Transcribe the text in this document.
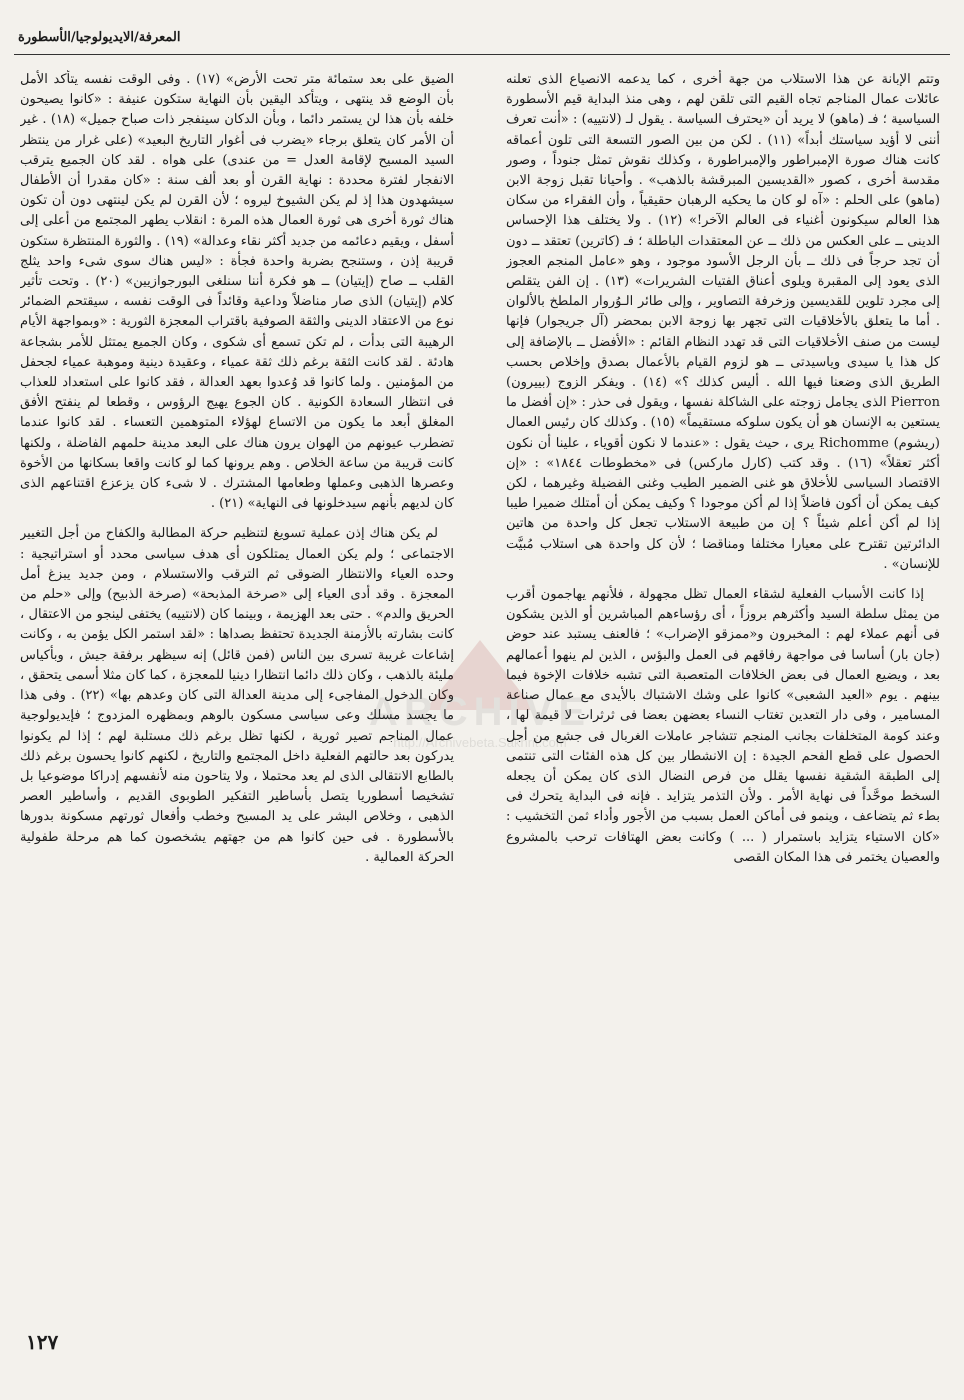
المعرفة/الايديولوجيا/الأسطورة

وتتم الإبانة عن هذا الاستلاب من جهة أخرى ، كما يدعمه الانصياع الذى تعلنه عائلات عمال المناجم تجاه القيم التى تلقن لهم ، وهى منذ البداية قيم الأسطورة السياسية ؛ فـ (ماهو) لا يريد أن «يحترف السياسة . يقول لـ (لانتييه) : «أنت تعرف أننى لا أؤيد سياستك أبداً» (١١) . لكن من بين الصور التسعة التى تلون أعماقه كانت هناك صورة الإمبراطور والإمبراطورة ، وكذلك نقوش تمثل جنوداً ، وصور مقدسة أخرى ، كصور «القديسين المبرقشة بالذهب» . وأحيانا تقبل زوجة الابن (ماهو) على الحلم : «آه لو كان ما يحكيه الرهبان حقيقياً ، وأن الفقراء من سكان هذا العالم سيكونون أغنياء فى العالم الآخر!» (١٢) . ولا يختلف هذا الإحساس الدينى ــ على العكس من ذلك ــ عن المعتقدات الباطلة ؛ فـ (كاترين) تعتقد ــ دون أن تجد حرجاً فى ذلك ــ بأن الرجل الأسود موجود ، وهو «عامل المنجم العجوز الذى يعود إلى المقبرة ويلوى أعناق الفتيات الشريرات» (١٣) . إن الفن يتقلص إلى مجرد تلوين للقديسين وزخرفة التصاوير ، وإلى طائر الـوُروار الملطخ بالألوان . أما ما يتعلق بالأخلاقيات التى تجهر بها زوجة الابن بمحضر (آل جريجوار) فإنها ليست من صنف الأخلاقيات التى قد تهدد النظام القائم : «الأفضل ــ بالإضافة إلى كل هذا يا سيدى وياسيدتى ــ هو لزوم القيام بالأعمال بصدق وإخلاص بحسب الطريق الذى وضعنا فيها الله . أليس كذلك ؟» (١٤) . ويفكر الزوج (بييرون) Pierron الذى يجامل زوجته على الشاكلة نفسها ، ويقول فى حذر : «إن أفضل ما يستعين به الإنسان هو أن يكون سلوكه مستقيماً» (١٥) . وكذلك كان رئيس العمال (ريشوم) Richomme يرى ، حيث يقول : «عندما لا نكون أقوياء ، علينا أن نكون أكثر تعقلاً» (١٦) . وقد كتب (كارل ماركس) فى «مخطوطات ١٨٤٤» : «إن الاقتصاد السياسى للأخلاق هو غنى الضمير الطيب وغنى الفضيلة وغيرهما ، لكن كيف يمكن أن أكون فاضلاً إذا لم أكن موجودا ؟ وكيف يمكن أن أمتلك ضميرا طيبا إذا لم أكن أعلم شيئاً ؟ إن من طبيعة الاستلاب تجعل كل واحدة من هاتين الدائرتين تقترح على معيارا مختلفا ومناقضا ؛ لأن كل واحدة هى استلاب مُبيَّت للإنسان» .

إذا كانت الأسباب الفعلية لشقاء العمال تظل مجهولة ، فلأنهم يهاجمون أقرب من يمثل سلطة السيد وأكثرهم بروزاً ، أى رؤساءهم المباشرين أو الذين يشكون فى أنهم عملاء لهم : المخبرون و«ممزقو الإضراب» ؛ فالعنف يستبد عند حوض (جان بار) أساسا فى مواجهة رفاقهم فى العمل والبؤس ، الذين لم ينهوا أعمالهم بعد ، ويضيع العمال فى بعض الخلافات المتعصبة التى تشبه خلافات الإخوة فيما بينهم . يوم «العيد الشعبى» كانوا على وشك الاشتباك بالأيدى مع عمال صناعة المسامير ، وفى دار التعدين تغتاب النساء بعضهن بعضا فى ثرثرات لا قيمة لها ، وعند كومة المتخلفات بجانب المنجم تتشاجر عاملات الغربال فى جشع من أجل الحصول على قطع الفحم الجيدة : إن الانشطار بين كل هذه الفئات التى تنتمى إلى الطبقة الشقية نفسها يقلل من فرص النضال الذى كان يمكن أن يجعله السخط موحَّداً فى نهاية الأمر . ولأن التذمر يتزايد . فإنه فى البداية يتحرك فى بطء ثم يتضاعف ، وينمو فى أماكن العمل بسبب من الأجور وأداء ثمن التخشيب : «كان الاستياء يتزايد باستمرار ( ... ) وكانت بعض الهتافات ترحب بالمشروع والعصيان يختمر فى هذا المكان القصى

الضيق على بعد ستمائة متر تحت الأرض» (١٧) . وفى الوقت نفسه يتأكد الأمل بأن الوضع قد ينتهى ، ويتأكد اليقين بأن النهاية ستكون عنيفة : «كانوا يصيحون خلفه بأن هذا لن يستمر دائما ، وبأن الدكان سينفجر ذات صباح جميل» (١٨) . غير أن الأمر كان يتعلق برجاء «يضرب فى أغوار التاريخ البعيد» (على غرار من ينتظر السيد المسيح لإقامة العدل = من عندى) على هواه . لقد كان الجميع يترقب الانفجار لفترة محددة : نهاية القرن أو بعد ألف سنة : «كان مقدرا أن الأطفال سيشهدون هذا إذ لم يكن الشيوخ ليروه ؛ لأن القرن لم يكن لينتهى دون أن تكون هناك ثورة أخرى هى ثورة العمال هذه المرة : انقلاب يطهر المجتمع من أعلى إلى أسفل ، ويقيم دعائمه من جديد أكثر نقاء وعدالة» (١٩) . والثورة المنتظرة ستكون قريبة إذن ، وستنجح بضربة واحدة فجأة : «ليس هناك سوى شىء واحد يثلج القلب ــ صاح (إيتيان) ــ هو فكرة أننا سنلغى البورجوازيين» (٢٠) . وتحت تأثير كلام (إيتيان) الذى صار مناضلاً وداعية وقائداً فى الوقت نفسه ، سيقتحم الضمائر نوع من الاعتقاد الدينى والثقة الصوفية باقتراب المعجزة الثورية : «وبمواجهة الأيام الرهيبة التى بدأت ، لم تكن تسمع أى شكوى ، وكان الجميع يمتثل للأمر بشجاعة هادئة . لقد كانت الثقة برغم ذلك ثقة عمياء ، وعقيدة دينية وموهبة عمياء لجحفل من المؤمنين . ولما كانوا قد وُعدوا بعهد العدالة ، فقد كانوا على استعداد للعذاب فى انتظار السعادة الكونية . كان الجوع يهيج الرؤوس ، وقطعا لم ينفتح الأفق المغلق أبعد ما يكون من الاتساع لهؤلاء المتوهمين التعساء . لقد كانوا عندما تضطرب عيونهم من الهوان يرون هناك على البعد مدينة حلمهم الفاضلة ، ولكنها كانت قريبة من ساعة الخلاص . وهم يرونها كما لو كانت واقعا بسكانها من الأخوة وعصرها الذهبى وعملها وطعامها المشترك . لا شىء كان يزعزع اقتناعهم الذى كان لديهم بأنهم سيدخلونها فى النهاية» (٢١) .

لم يكن هناك إذن عملية تسويغ لتنظيم حركة المطالبة والكفاح من أجل التغيير الاجتماعى ؛ ولم يكن العمال يمتلكون أى هدف سياسى محدد أو استراتيجية : وحده العياء والانتظار الضوقى ثم الترقب والاستسلام ، ومن جديد يبزغ أمل المعجزة . وقد أدى العياء إلى «صرخة المذبحة» (صرخة الذبيح) وإلى «حلم من الحريق والدم» . حتى بعد الهزيمة ، وبينما كان (لانتييه) يختفى لينجو من الاعتقال ، كانت بشارته بالأزمنة الجديدة تحتفظ بصداها : «لقد استمر الكل يؤمن به ، وكانت إشاعات غريبة تسرى بين الناس (فمن قائل) إنه سيظهر برفقة جيش ، وبأكياس مليئة بالذهب ، وكان ذلك دائما انتظارا دينيا للمعجزة ، كما كان مثلا أسمى يتحقق ، وكان الدخول المفاجىء إلى مدينة العدالة التى كان وعدهم بها» (٢٢) . وفى هذا ما يجسد مسلك وعى سياسى مسكون بالوهم وبمظهره المزدوج ؛ فإيديولوجية عمال المناجم تصير ثورية ، لكنها تظل برغم ذلك مستلبة لهم ؛ إذا لم يكونوا يدركون بعد حالتهم الفعلية داخل المجتمع والتاريخ ، لكنهم كانوا يحسون برغم ذلك بالطابع الانتقالى الذى لم يعد محتملا ، ولا يتاحون منه لأنفسهم إدراكا موضوعيا بل تشخيصا أسطوريا يتصل بأساطير التفكير الطوبوى القديم ، وأساطير العصر الذهبى ، وخلاص البشر على يد المسيح وخطب وأفعال ثورتهم مسكونة بدورها بالأسطورة . فى حين كانوا هم من جهتهم يشخصون كما هم مرحلة طفولية الحركة العمالية .

ARCHIVE
http://Archivebeta.Sakhrit.com
١٢٧
